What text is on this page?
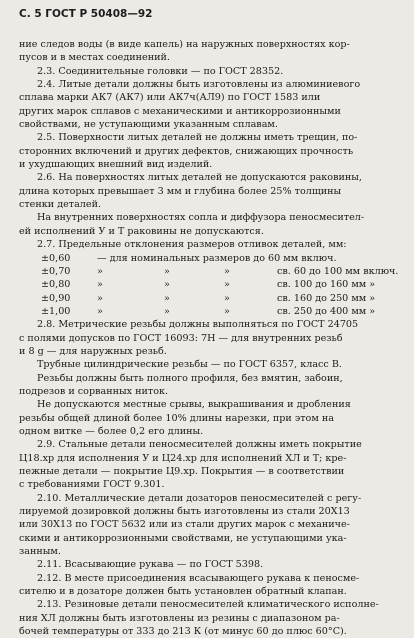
С. 5 ГОСТ Р 50408—92

ние следов воды (в виде капель) на наружных поверхностях кор-

пусов и в местах соединений.

2.3. Соединительные головки — по ГОСТ 28352.

2.4. Литые детали должны быть изготовлены из алюминиевого

сплава марки АК7 (АК7) или АК7ч(АЛ9) по ГОСТ 1583 или

других марок сплавов с механическими и антикоррозионными

свойствами, не уступающими указанным сплавам.

2.5. Поверхности литых деталей не должны иметь трещин, по-

сторонних включений и других дефектов, снижающих прочность

и ухудшающих внешний вид изделий.

2.6. На поверхностях литых деталей не допускаются раковины,

длина которых превышает 3 мм и глубина более 25% толщины

стенки деталей.

На внутренних поверхностях сопла и диффузора пеносмесител-

ей исполнений У и Т раковины не допускаются.

2.7. Предельные отклонения размеров отливок деталей, мм:

±0,60	— для номинальных размеров до 60 мм включ.
±0,70	»	»	»	св. 60 до 100 мм включ.
±0,80	»	»	»	св. 100 до 160 мм »
±0,90	»	»	»	св. 160 до 250 мм »
±1,00	»	»	»	св. 250 до 400 мм »

2.8. Метрические резьбы должны выполняться по ГОСТ 24705

с полями допусков по ГОСТ 16093: 7Н — для внутренних резьб

и 8 g — для наружных резьб.

Трубные цилиндрические резьбы — по ГОСТ 6357, класс В.

Резьбы должны быть полного профиля, без вмятин, забоин,

подрезов и сорванных ниток.

Не допускаются местные срывы, выкрашивания и дробления

резьбы общей длиной более 10% длины нарезки, при этом на

одном витке — более 0,2 его длины.

2.9. Стальные детали пеносмесителей должны иметь покрытие

Ц18.хр для исполнения У и Ц24.хр для исполнений ХЛ и Т; кре-

пежные детали — покрытие Ц9.хр. Покрытия — в соответствии

с требованиями ГОСТ 9.301.

2.10. Металлические детали дозаторов пеносмесителей с регу-

лируемой дозировкой должны быть изготовлены из стали 20Х13

или 30Х13 по ГОСТ 5632 или из стали других марок с механиче-

скими и антикоррозионными свойствами, не уступающими ука-

занным.

2.11. Всасывающие рукава — по ГОСТ 5398.

2.12. В месте присоединения всасывающего рукава к пеносме-

сителю и в дозаторе должен быть установлен обратный клапан.

2.13. Резиновые детали пеносмесителей климатического исполне-

ния ХЛ должны быть изготовлены из резины с диапазоном ра-

бочей температуры от 333 до 213 К (от минус 60 до плюс 60°С).
